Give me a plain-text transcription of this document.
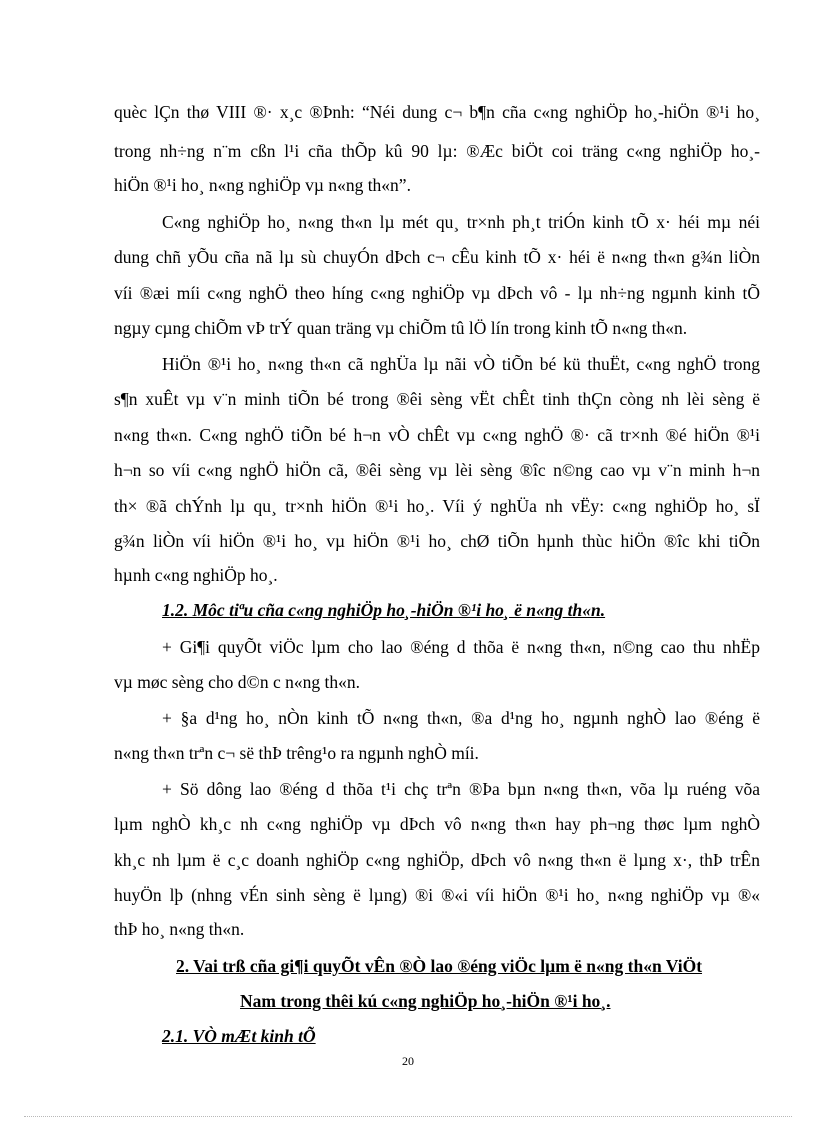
quèc lÇn thø VIII ®· x¸c ®Þnh: “Néi dung c¬ b¶n cña c«ng nghiÖp ho¸-hiÖn ®¹i ho¸
trong nh÷ng n¨m cßn l¹i cña thÕp kû 90 lµ: ®Æc biÖt coi träng c«ng nghiÖp ho¸-
hiÖn ®¹i ho¸ n«ng nghiÖp vµ n«ng th«n”.
C«ng nghiÖp ho¸ n«ng th«n lµ mét qu¸ tr×nh ph¸t triÓn kinh tÕ x· héi mµ néi
dung chñ yÕu cña nã lµ sù chuyÓn dÞch c¬ cÊu kinh tÕ x· héi ë n«ng th«n g¾n liÒn
víi ®æi míi c«ng nghÖ theo híng c«ng nghiÖp vµ dÞch vô - lµ nh÷ng ngµnh kinh tÕ
ngµy cµng chiÕm vÞ trÝ quan träng vµ chiÕm tû lÖ lín trong kinh tÕ n«ng th«n.
HiÖn ®¹i ho¸ n«ng th«n cã nghÜa lµ nãi vÒ tiÕn bé kü thuËt, c«ng nghÖ trong
s¶n xuÊt vµ v¨n minh tiÕn bé trong ®êi sèng vËt chÊt tinh thÇn còng nh lèi sèng ë
n«ng th«n. C«ng nghÖ tiÕn bé h¬n vÒ chÊt vµ c«ng nghÖ ®· cã tr×nh ®é hiÖn ®¹i
h¬n so víi c«ng nghÖ hiÖn cã, ®êi sèng vµ lèi sèng ®îc n©ng cao vµ v¨n minh h¬n
th× ®ã chÝnh lµ qu¸ tr×nh hiÖn ®¹i ho¸. Víi ý nghÜa nh vËy: c«ng nghiÖp ho¸ sÏ
g¾n liÒn víi hiÖn ®¹i ho¸ vµ hiÖn ®¹i ho¸ chØ tiÕn hµnh thùc hiÖn ®îc khi tiÕn
hµnh c«ng nghiÖp ho¸.
1.2. Môc tiªu cña c«ng nghiÖp ho¸-hiÖn ®¹i ho¸ ë n«ng th«n.
+ Gi¶i quyÕt viÖc lµm cho lao ®éng d thõa ë n«ng th«n, n©ng cao thu nhËp
vµ møc sèng cho d©n c n«ng th«n.
+ §a d¹ng ho¸ nÒn kinh tÕ n«ng th«n, ®a d¹ng ho¸ ngµnh nghÒ lao ®éng ë
n«ng th«n trªn c¬ së thÞ trêng¹o ra ngµnh nghÒ míi.
+ Sö dông lao ®éng d thõa t¹i chç trªn ®Þa bµn n«ng th«n, võa lµ ruéng võa
lµm nghÒ kh¸c nh c«ng nghiÖp vµ dÞch vô n«ng th«n hay ph¬ng thøc lµm nghÒ
kh¸c nh lµm ë c¸c doanh nghiÖp c«ng nghiÖp, dÞch vô n«ng th«n ë lµng x·, thÞ trÊn
huyÖn lþ (nhng vÉn sinh sèng ë lµng) ®i ®«i víi hiÖn ®¹i ho¸ n«ng nghiÖp vµ ®«
thÞ ho¸ n«ng th«n.
2. Vai trß cña gi¶i quyÕt vÊn ®Ò lao ®éng viÖc lµm ë n«ng th«n ViÖt
Nam trong thêi kú c«ng nghiÖp ho¸-hiÖn ®¹i ho¸.
2.1. VÒ mÆt kinh tÕ
20
